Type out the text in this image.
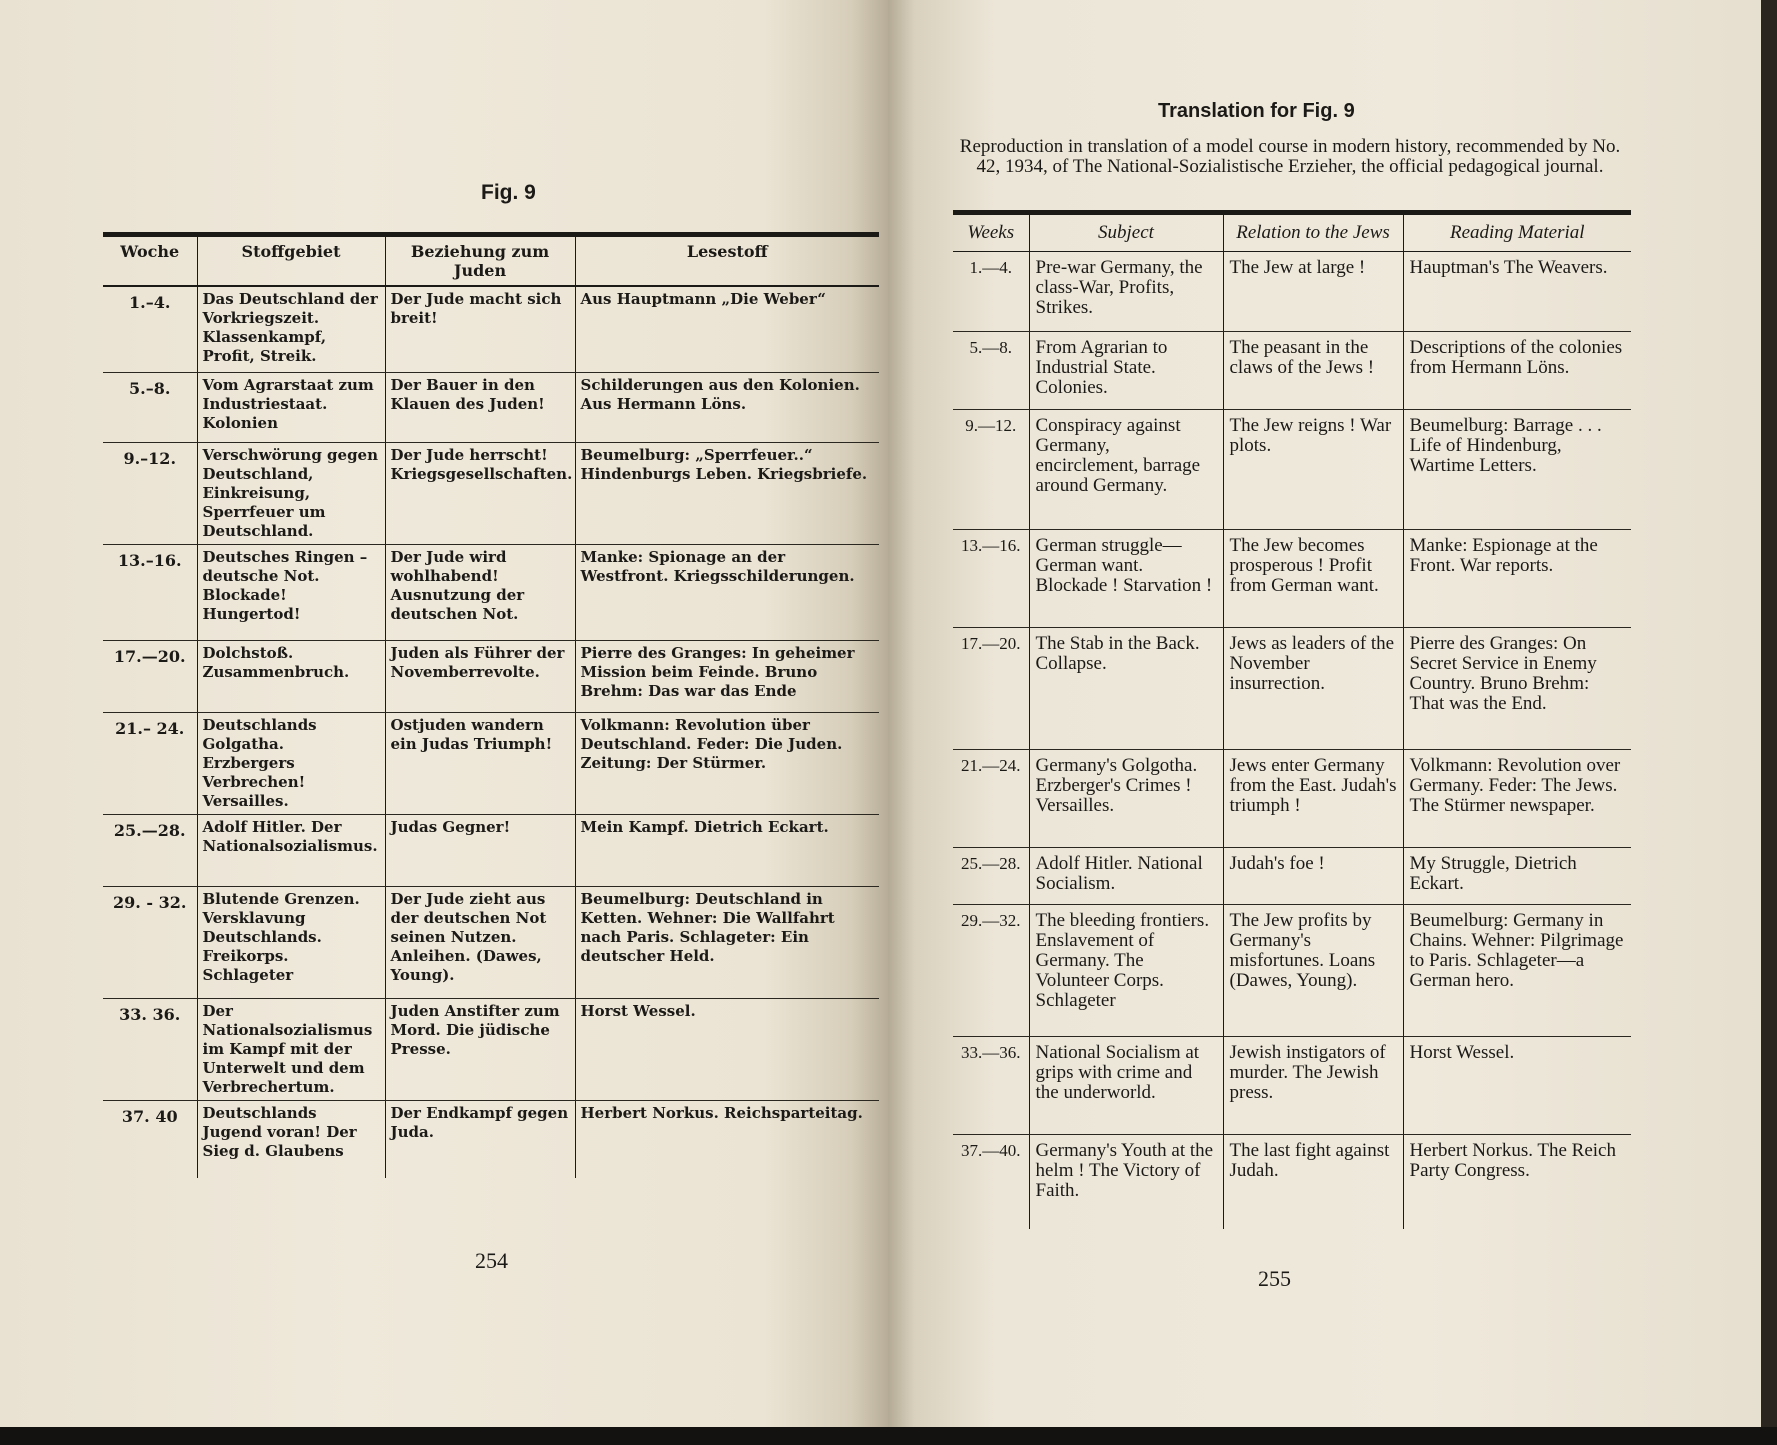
Fig. 9
Woche	Stoffgebiet	Beziehung zum Juden	Lesestoff
1.–4.	Das Deutschland der Vorkriegszeit. Klassenkampf, Profit, Streik.	Der Jude macht sich breit!	Aus Hauptmann „Die Weber“
5.–8.	Vom Agrarstaat zum Industriestaat. Kolonien	Der Bauer in den Klauen des Juden!	Schilderungen aus den Kolonien. Aus Hermann Löns.
9.–12.	Verschwörung gegen Deutschland, Einkreisung, Sperrfeuer um Deutschland.	Der Jude herrscht! Kriegsgesellschaften.	Beumelburg: „Sperrfeuer..“ Hindenburgs Leben. Kriegsbriefe.
13.–16.	Deutsches Ringen – deutsche Not. Blockade! Hungertod!	Der Jude wird wohlhabend! Ausnutzung der deutschen Not.	Manke: Spionage an der Westfront. Kriegsschilderungen.
17.—20.	Dolchstoß. Zusammenbruch.	Juden als Führer der Novemberrevolte.	Pierre des Granges: In geheimer Mission beim Feinde. Bruno Brehm: Das war das Ende
21.– 24.	Deutschlands Golgatha. Erzbergers Verbrechen! Versailles.	Ostjuden wandern ein Judas Triumph!	Volkmann: Revolution über Deutschland. Feder: Die Juden. Zeitung: Der Stürmer.
25.—28.	Adolf Hitler. Der Nationalsozialismus.	Judas Gegner!	Mein Kampf. Dietrich Eckart.
29. - 32.	Blutende Grenzen. Versklavung Deutschlands. Freikorps. Schlageter	Der Jude zieht aus der deutschen Not seinen Nutzen. Anleihen. (Dawes, Young).	Beumelburg: Deutschland in Ketten. Wehner: Die Wallfahrt nach Paris. Schlageter: Ein deutscher Held.
33. 36.	Der Nationalsozialismus im Kampf mit der Unterwelt und dem Verbrechertum.	Juden Anstifter zum Mord. Die jüdische Presse.	Horst Wessel.
37. 40	Deutschlands Jugend voran! Der Sieg d. Glaubens	Der Endkampf gegen Juda.	Herbert Norkus. Reichsparteitag.
254
Translation for Fig. 9
Reproduction in translation of a model course in modern history, recommended by No. 42, 1934, of The National-Sozialistische Erzieher, the official pedagogical journal.
Weeks	Subject	Relation to the Jews	Reading Material
1.—4.	Pre-war Germany, the class-War, Profits, Strikes.	The Jew at large !	Hauptman's The Weavers.
5.—8.	From Agrarian to Industrial State. Colonies.	The peasant in the claws of the Jews !	Descriptions of the colonies from Hermann Löns.
9.—12.	Conspiracy against Germany, encirclement, barrage around Germany.	The Jew reigns ! War plots.	Beumelburg: Barrage . . . Life of Hindenburg, Wartime Letters.
13.—16.	German struggle—German want. Blockade ! Starvation !	The Jew becomes prosperous ! Profit from German want.	Manke: Espionage at the Front. War reports.
17.—20.	The Stab in the Back. Collapse.	Jews as leaders of the November insurrection.	Pierre des Granges: On Secret Service in Enemy Country. Bruno Brehm: That was the End.
21.—24.	Germany's Golgotha. Erzberger's Crimes ! Versailles.	Jews enter Germany from the East. Judah's triumph !	Volkmann: Revolution over Germany. Feder: The Jews. The Stürmer newspaper.
25.—28.	Adolf Hitler. National Socialism.	Judah's foe !	My Struggle, Dietrich Eckart.
29.—32.	The bleeding frontiers. Enslavement of Germany. The Volunteer Corps. Schlageter	The Jew profits by Germany's misfortunes. Loans (Dawes, Young).	Beumelburg: Germany in Chains. Wehner: Pilgrimage to Paris. Schlageter—a German hero.
33.—36.	National Socialism at grips with crime and the underworld.	Jewish instigators of murder. The Jewish press.	Horst Wessel.
37.—40.	Germany's Youth at the helm ! The Victory of Faith.	The last fight against Judah.	Herbert Norkus. The Reich Party Congress.
255
